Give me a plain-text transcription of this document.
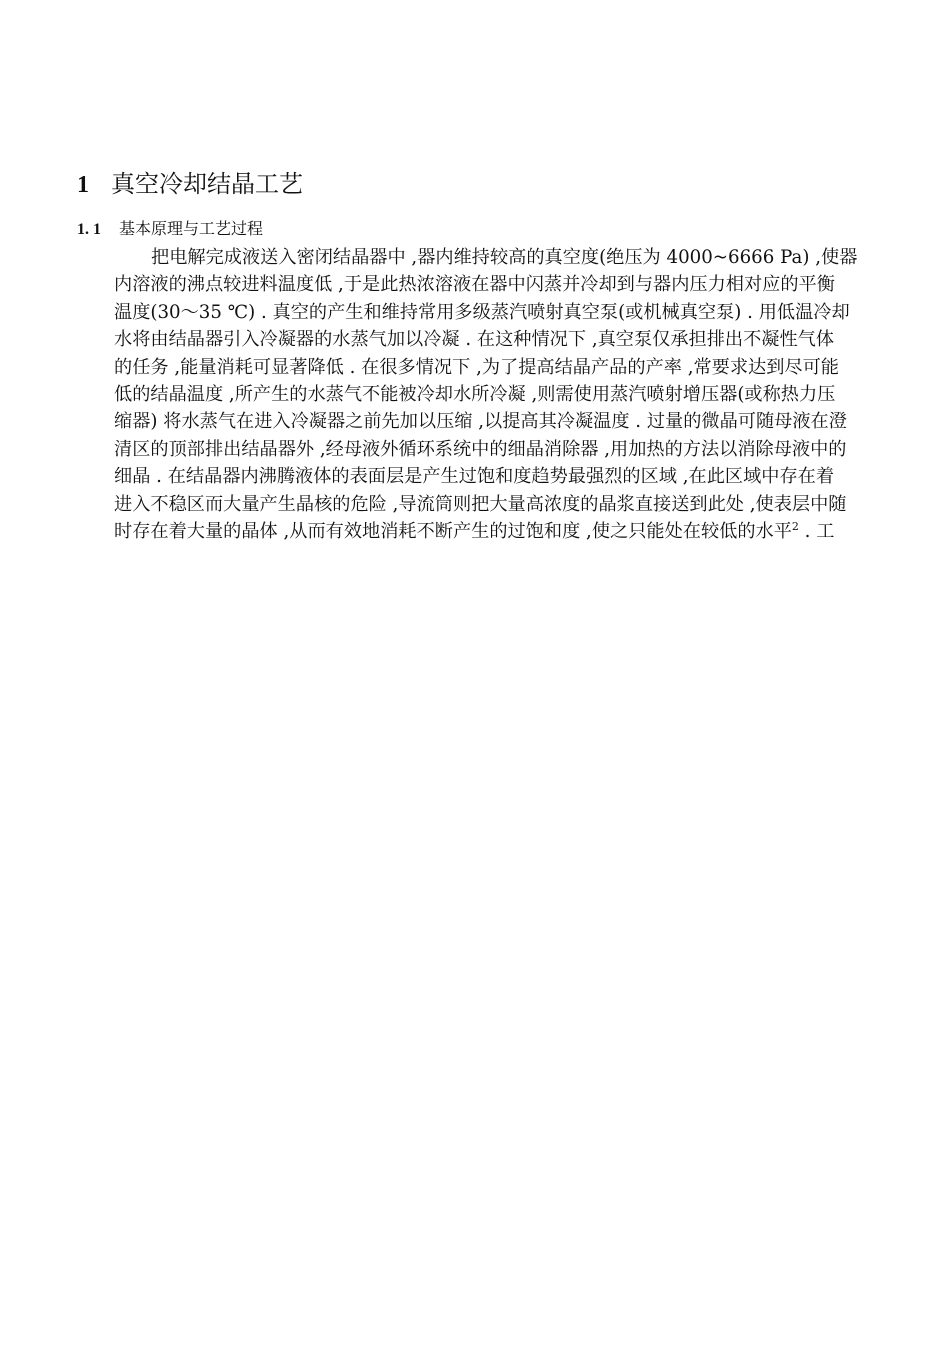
1 真空冷却结晶工艺
1. 1 基本原理与工艺过程
把电解完成液送入密闭结晶器中 ,器内维持较高的真空度(绝压为 4000~6666 Pa) ,使器
内溶液的沸点较进料温度低 ,于是此热浓溶液在器中闪蒸并冷却到与器内压力相对应的平衡
温度(30～35 ℃) . 真空的产生和维持常用多级蒸汽喷射真空泵(或机械真空泵) . 用低温冷却
水将由结晶器引入冷凝器的水蒸气加以冷凝 . 在这种情况下 ,真空泵仅承担排出不凝性气体
的任务 ,能量消耗可显著降低 . 在很多情况下 ,为了提高结晶产品的产率 ,常要求达到尽可能
低的结晶温度 ,所产生的水蒸气不能被冷却水所冷凝 ,则需使用蒸汽喷射增压器(或称热力压
缩器) 将水蒸气在进入冷凝器之前先加以压缩 ,以提高其冷凝温度 . 过量的微晶可随母液在澄
清区的顶部排出结晶器外 ,经母液外循环系统中的细晶消除器 ,用加热的方法以消除母液中的
细晶 . 在结晶器内沸腾液体的表面层是产生过饱和度趋势最强烈的区域 ,在此区域中存在着
进入不稳区而大量产生晶核的危险 ,导流筒则把大量高浓度的晶浆直接送到此处 ,使表层中随
时存在着大量的晶体 ,从而有效地消耗不断产生的过饱和度 ,使之只能处在较低的水平$^2$ . 工
